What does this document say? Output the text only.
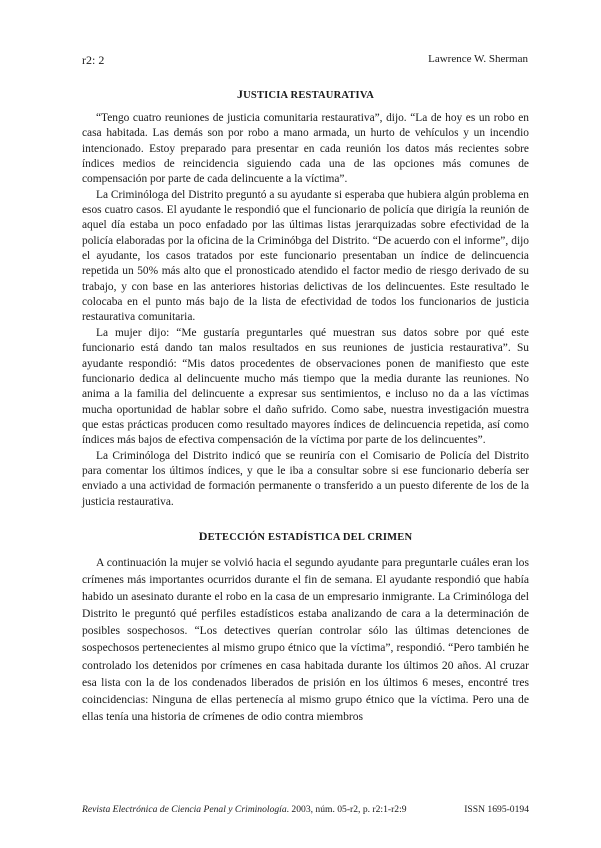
r2: 2	Lawrence W. Sherman
JUSTICIA RESTAURATIVA

“Tengo cuatro reuniones de justicia comunitaria restaurativa”, dijo. “La de hoy es un robo en casa habitada. Las demás son por robo a mano armada, un hurto de vehículos y un incendio intencionado. Estoy preparado para presentar en cada reunión los datos más recientes sobre índices medios de reincidencia siguiendo cada una de las opciones más comunes de compensación por parte de cada delincuente a la víctima”.

La Criminóloga del Distrito preguntó a su ayudante si esperaba que hubiera algún problema en esos cuatro casos. El ayudante le respondió que el funcionario de policía que dirigía la reunión de aquel día estaba un poco enfadado por las últimas listas jerarquizadas sobre efectividad de la policía elaboradas por la oficina de la Criminóbga del Distrito. “De acuerdo con el informe”, dijo el ayudante, los casos tratados por este funcionario presentaban un índice de delincuencia repetida un 50% más alto que el pronosticado atendido el factor medio de riesgo derivado de su trabajo, y con base en las anteriores historias delictivas de los delincuentes. Este resultado le colocaba en el punto más bajo de la lista de efectividad de todos los funcionarios de justicia restaurativa comunitaria.

La mujer dijo: “Me gustaría preguntarles qué muestran sus datos sobre por qué este funcionario está dando tan malos resultados en sus reuniones de justicia restaurativa”. Su ayudante respondió: “Mis datos procedentes de observaciones ponen de manifiesto que este funcionario dedica al delincuente mucho más tiempo que la media durante las reuniones. No anima a la familia del delincuente a expresar sus sentimientos, e incluso no da a las víctimas mucha oportunidad de hablar sobre el daño sufrido. Como sabe, nuestra investigación muestra que estas prácticas producen como resultado mayores índices de delincuencia repetida, así como índices más bajos de efectiva compensación de la víctima por parte de los delincuentes”.

La Criminóloga del Distrito indicó que se reuniría con el Comisario de Policía del Distrito para comentar los últimos índices, y que le iba a consultar sobre si ese funcionario debería ser enviado a una actividad de formación permanente o transferido a un puesto diferente de los de la justicia restaurativa.

DETECCIÓN ESTADÍSTICA DEL CRIMEN

A continuación la mujer se volvió hacia el segundo ayudante para preguntarle cuáles eran los crímenes más importantes ocurridos durante el fin de semana. El ayudante respondió que había habido un asesinato durante el robo en la casa de un empresario inmigrante. La Criminóloga del Distrito le preguntó qué perfiles estadísticos estaba analizando de cara a la determinación de posibles sospechosos. “Los detectives querían controlar sólo las últimas detenciones de sospechosos pertenecientes al mismo grupo étnico que la víctima”, respondió. “Pero también he controlado los detenidos por crímenes en casa habitada durante los últimos 20 años. Al cruzar esa lista con la de los condenados liberados de prisión en los últimos 6 meses, encontré tres coincidencias: Ninguna de ellas pertenecía al mismo grupo étnico que la víctima. Pero una de ellas tenía una historia de crímenes de odio contra miembros

Revista Electrónica de Ciencia Penal y Criminología. 2003, núm. 05-r2, p. r2:1-r2:9	ISSN 1695-0194
